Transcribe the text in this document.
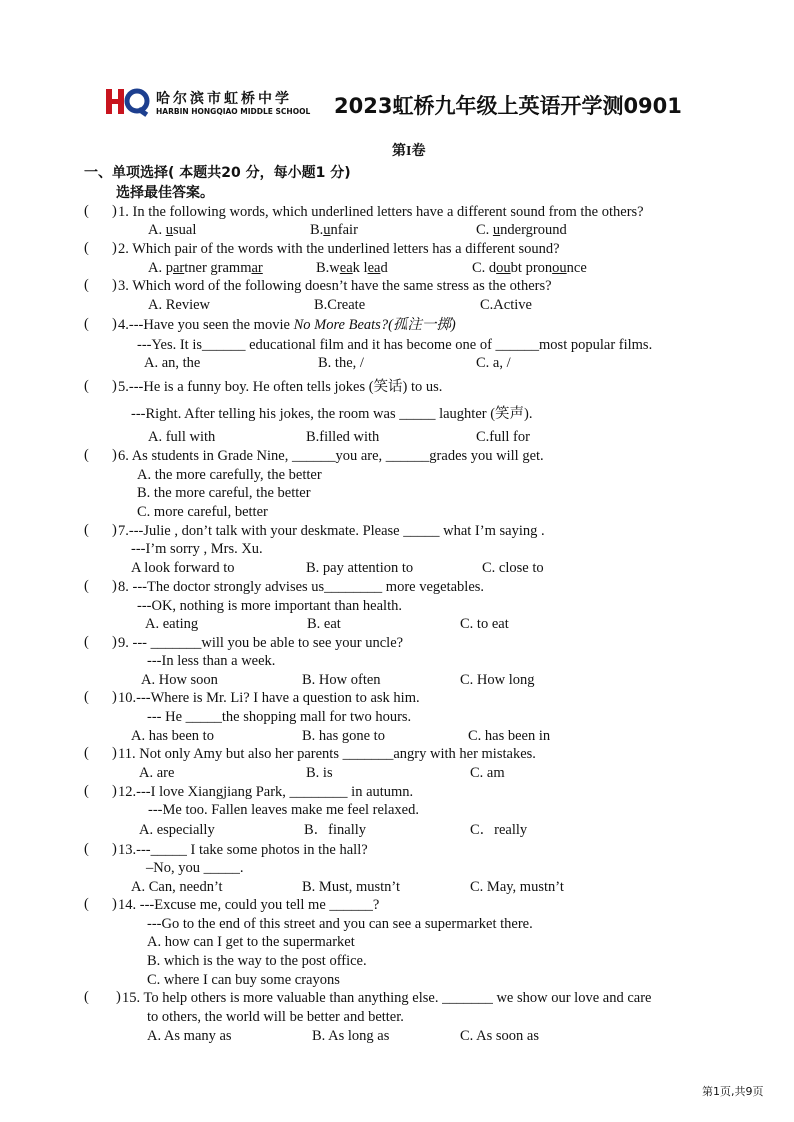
哈尔滨市虹桥中学
HARBIN HONGQIAO MIDDLE SCHOOL 2023虹桥九年级上英语开学测0901
第I卷
一、单项选择( 本题共20 分，每小题1 分)
选择最佳答案。
( ) 1. In the following words, which underlined letters have a different sound from the others?
A. usual	B.unfair	C. underground
( ) 2. Which pair of the words with the underlined letters has a different sound?
A. partner grammar	B.weak lead	C. doubt pronounce
( ) 3. Which word of the following doesn’t have the same stress as the others?
A. Review	B.Create	C.Active
( ) 4.---Have you seen the movie No More Beats?(孤注一掷)
---Yes. It is______ educational film and it has become one of ______most popular films.
A. an, the	B. the, /	C. a, /
( ) 5.---He is a funny boy. He often tells jokes (笑话) to us.
---Right. After telling his jokes, the room was _____ laughter (笑声).
A. full with	B.filled with	C.full for
( ) 6. As students in Grade Nine, ______you are, ______grades you will get.
A. the more carefully, the better
B. the more careful, the better
C. more careful, better
( ) 7.---Julie , don’t talk with your deskmate. Please _____ what I’m saying .
---I’m sorry , Mrs. Xu.
A look forward to	B. pay attention to	C. close to
( ) 8. ---The doctor strongly advises us________ more vegetables.
---OK, nothing is more important than health.
A. eating	B. eat	C. to eat
( ) 9. --- _______will you be able to see your uncle?
---In less than a week.
A. How soon	B. How often	C. How long
( ) 10.---Where is Mr. Li? I have a question to ask him.
--- He _____the shopping mall for two hours.
A. has been to	B. has gone to	C. has been in
( ) 11. Not only Amy but also her parents _______angry with her mistakes.
A. are	B. is	C. am
( ) 12.---I love Xiangjiang Park, ________ in autumn.
---Me too. Fallen leaves make me feel relaxed.
A. especially	B．finally	C．really
( ) 13.---_____ I take some photos in the hall?
–No, you _____.
A. Can, needn’t	B. Must, mustn’t	C. May, mustn’t
( ) 14. ---Excuse me, could you tell me ______?
---Go to the end of this street and you can see a supermarket there.
A. how can I get to the supermarket
B. which is the way to the post office.
C. where I can buy some crayons
( ) 15. To help others is more valuable than anything else. _______ we show our love and care
to others, the world will be better and better.
A. As many as	B. As long as	C. As soon as
第1页,共9页
